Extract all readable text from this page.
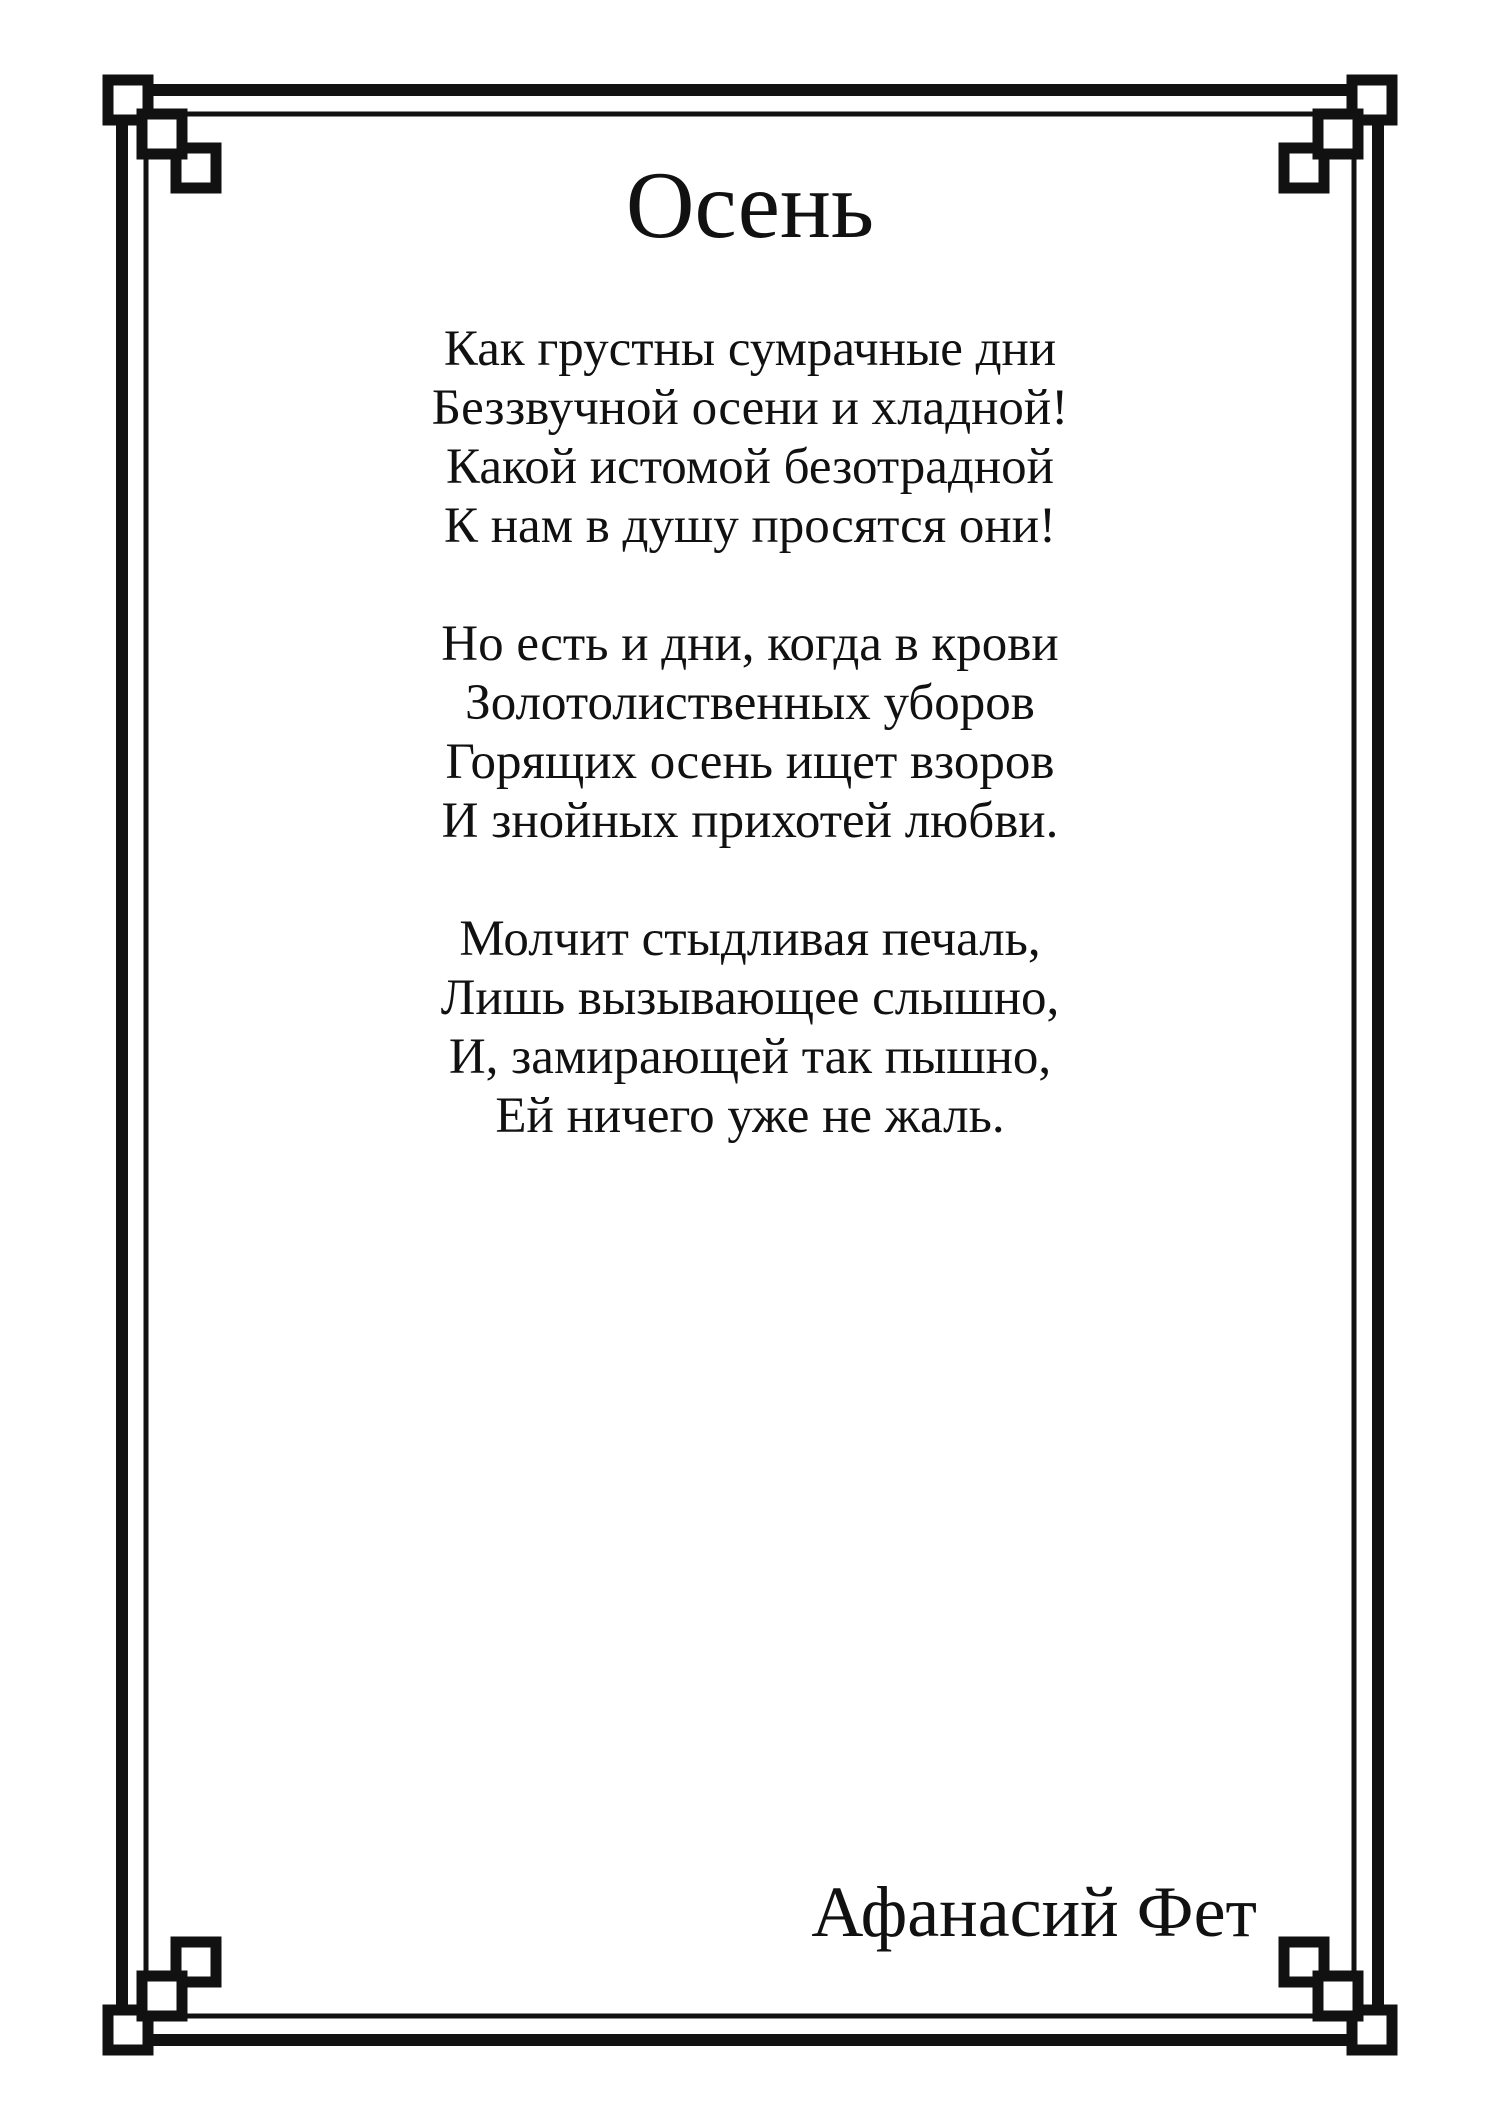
Осень

Как грустны сумрачные дни
Беззвучной осени и хладной!
Какой истомой безотрадной
К нам в душу просятся они!

Но есть и дни, когда в крови
Золотолиственных уборов
Горящих осень ищет взоров
И знойных прихотей любви.

Молчит стыдливая печаль,
Лишь вызывающее слышно,
И, замирающей так пышно,
Ей ничего уже не жаль.

Афанасий Фет
